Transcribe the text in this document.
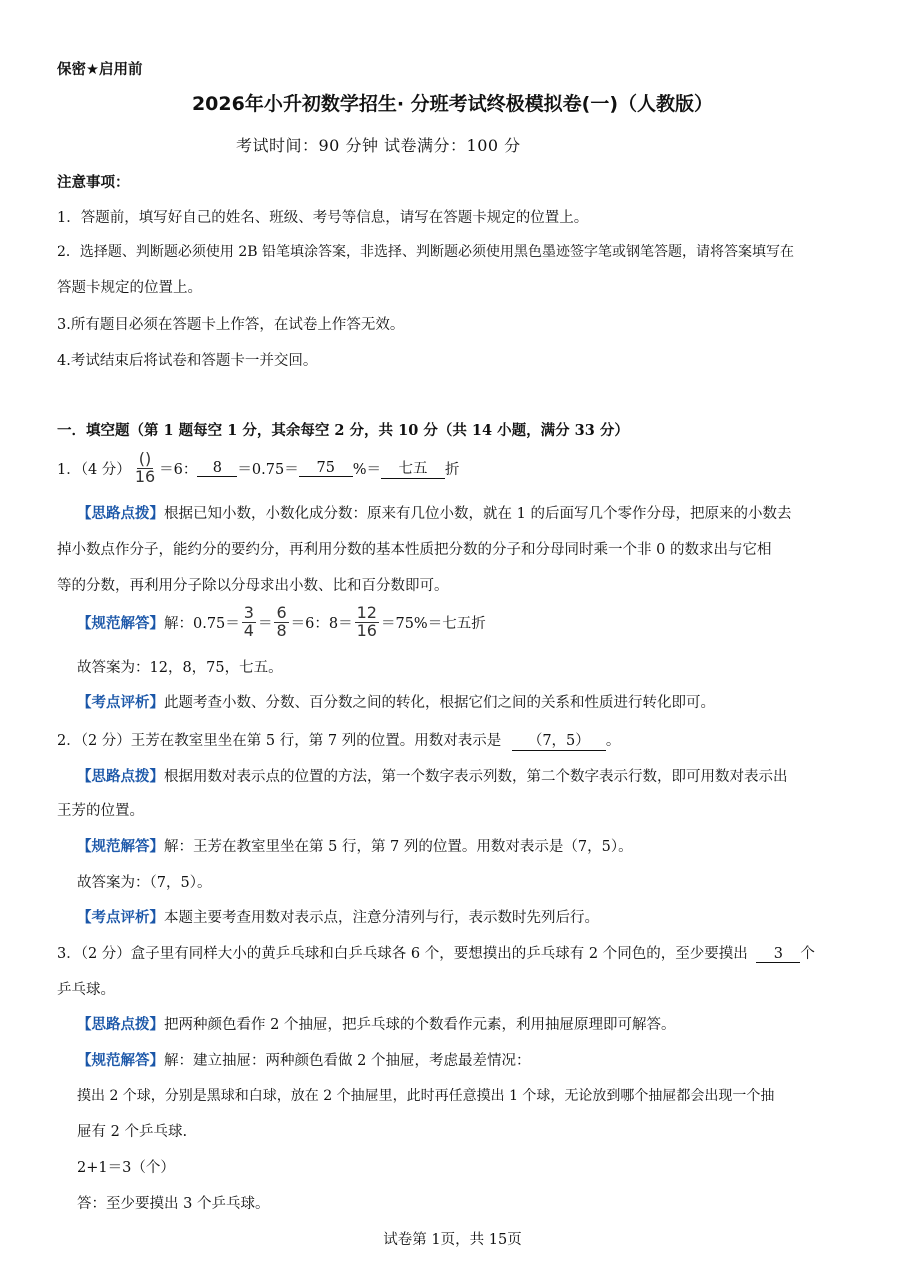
保密★启用前
2026年小升初数学招生· 分班考试终极模拟卷(一)（人教版）
考试时间：90 分钟 试卷满分：100 分
注意事项：
1．答题前，填写好自己的姓名、班级、考号等信息，请写在答题卡规定的位置上。
2．选择题、判断题必须使用 2B 铅笔填涂答案，非选择、判断题必须使用黑色墨迹签字笔或钢笔答题，请将答案填写在
答题卡规定的位置上。
3.所有题目必须在答题卡上作答，在试卷上作答无效。
4.考试结束后将试卷和答题卡一并交回。
一．填空题（第 1 题每空 1 分，其余每空 2 分，共 10 分（共 14 小题，满分 33 分）
1．（4 分） $\frac{()}{16} =6$：	8	＝0.75＝	75	%＝	七五	折
【思路点拨】根据已知小数，小数化成分数：原来有几位小数，就在 1 的后面写几个零作分母，把原来的小数去
掉小数点作分子，能约分的要约分，再利用分数的基本性质把分数的分子和分母同时乘一个非 0 的数求出与它相
等的分数，再利用分子除以分母求出小数、比和百分数即可。
【规范解答】 解：$0.75= \frac{3}{4} = \frac{6}{8} =6$：$8= \frac{12}{16} =75\%=$七五折
故答案为：12，8，75，七五。
【考点评析】此题考查小数、分数、百分数之间的转化，根据它们之间的关系和性质进行转化即可。
2．（2 分）王芳在教室里坐在第 5 行，第 7 列的位置。用数对表示是 （7，5） 。
【思路点拨】根据用数对表示点的位置的方法，第一个数字表示列数，第二个数字表示行数，即可用数对表示出
王芳的位置。
【规范解答】解：王芳在教室里坐在第 5 行，第 7 列的位置。用数对表示是（7，5）。
故答案为：（7，5）。
【考点评析】本题主要考查用数对表示点，注意分清列与行，表示数时先列后行。
3．（2 分）盒子里有同样大小的黄乒乓球和白乒乓球各 6 个，要想摸出的乒乓球有 2 个同色的，至少要摸出 3 个
乒乓球。
【思路点拨】把两种颜色看作 2 个抽屉，把乒乓球的个数看作元素，利用抽屉原理即可解答。
【规范解答】解：建立抽屉：两种颜色看做 2 个抽屉，考虑最差情况：
摸出 2 个球，分别是黑球和白球，放在 2 个抽屉里，此时再任意摸出 1 个球，无论放到哪个抽屉都会出现一个抽
屉有 2 个乒乓球.
2+1＝3（个）
答：至少要摸出 3 个乒乓球。
试卷第 1页，共 15页
